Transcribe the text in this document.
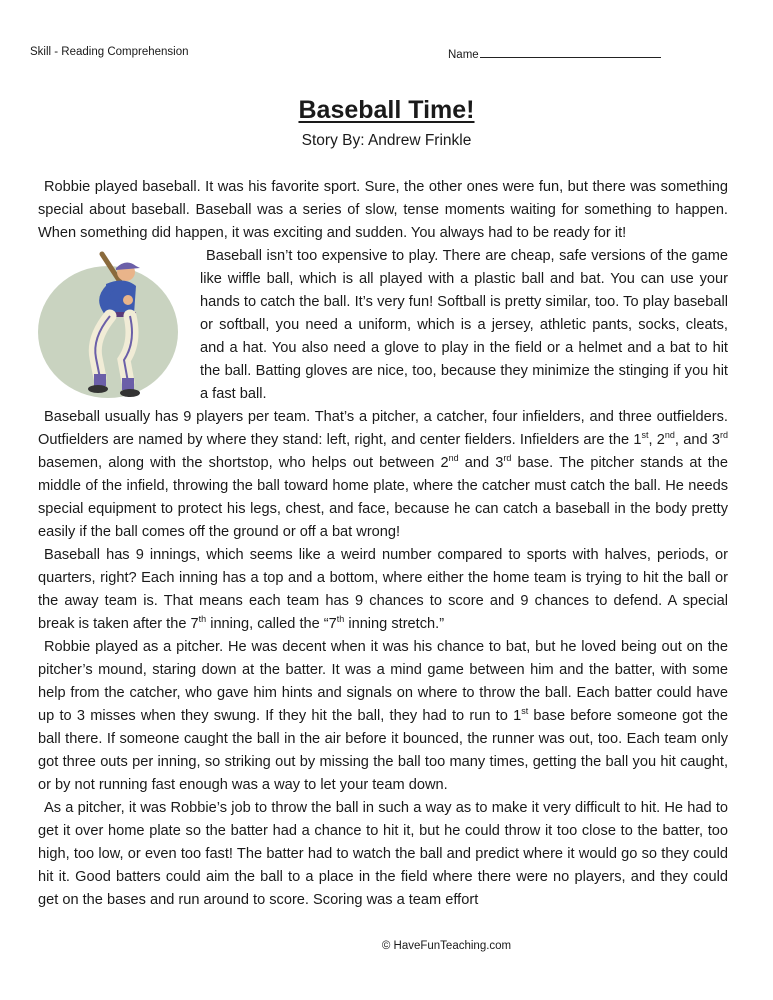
Skill - Reading Comprehension	Name
Baseball Time!
Story By: Andrew Frinkle

Robbie played baseball. It was his favorite sport. Sure, the other ones were fun, but there was something special about baseball. Baseball was a series of slow, tense moments waiting for something to happen. When something did happen, it was exciting and sudden. You always had to be ready for it!

Baseball isn’t too expensive to play. There are cheap, safe versions of the game like wiffle ball, which is all played with a plastic ball and bat. You can use your hands to catch the ball. It’s very fun! Softball is pretty similar, too. To play baseball or softball, you need a uniform, which is a jersey, athletic pants, socks, cleats, and a hat. You also need a glove to play in the field or a helmet and a bat to hit the ball. Batting gloves are nice, too, because they minimize the stinging if you hit a fast ball.

Baseball usually has 9 players per team. That’s a pitcher, a catcher, four infielders, and three outfielders. Outfielders are named by where they stand: left, right, and center fielders. Infielders are the 1st, 2nd, and 3rd basemen, along with the shortstop, who helps out between 2nd and 3rd base. The pitcher stands at the middle of the infield, throwing the ball toward home plate, where the catcher must catch the ball. He needs special equipment to protect his legs, chest, and face, because he can catch a baseball in the body pretty easily if the ball comes off the ground or off a bat wrong!

Baseball has 9 innings, which seems like a weird number compared to sports with halves, periods, or quarters, right? Each inning has a top and a bottom, where either the home team is trying to hit the ball or the away team is. That means each team has 9 chances to score and 9 chances to defend. A special break is taken after the 7th inning, called the “7th inning stretch.”

Robbie played as a pitcher. He was decent when it was his chance to bat, but he loved being out on the pitcher’s mound, staring down at the batter. It was a mind game between him and the batter, with some help from the catcher, who gave him hints and signals on where to throw the ball. Each batter could have up to 3 misses when they swung. If they hit the ball, they had to run to 1st base before someone got the ball there. If someone caught the ball in the air before it bounced, the runner was out, too. Each team only got three outs per inning, so striking out by missing the ball too many times, getting the ball you hit caught, or by not running fast enough was a way to let your team down.

As a pitcher, it was Robbie’s job to throw the ball in such a way as to make it very difficult to hit. He had to get it over home plate so the batter had a chance to hit it, but he could throw it too close to the batter, too high, too low, or even too fast! The batter had to watch the ball and predict where it would go so they could hit it. Good batters could aim the ball to a place in the field where there were no players, and they could get on the bases and run around to score. Scoring was a team effort

© HaveFunTeaching.com
